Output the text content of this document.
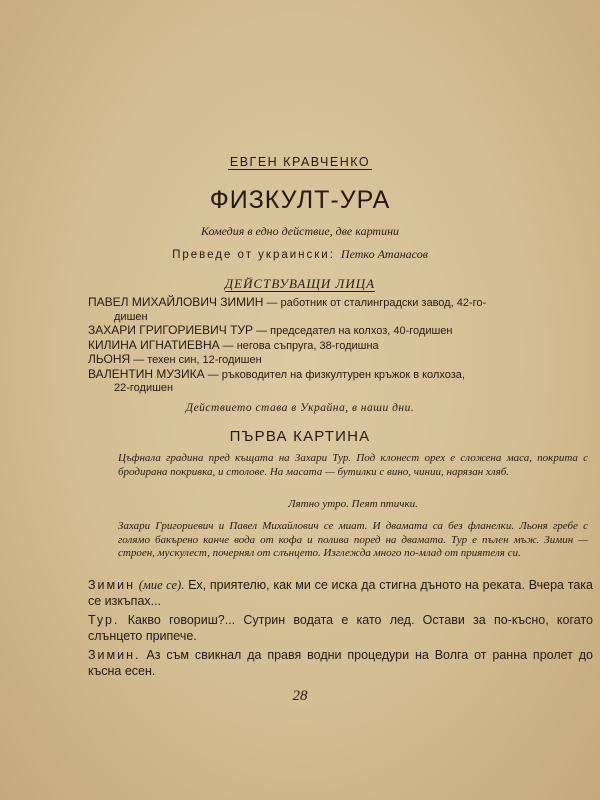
ЕВГЕН КРАВЧЕНКО
ФИЗКУЛТ-УРА
Комедия в едно действие, две картини
Преведе от украински: Петко Атанасов
ДЕЙСТВУВАЩИ ЛИЦА
ПАВЕЛ МИХАЙЛОВИЧ ЗИМИН — работник от сталинградски завод, 42-го-
дишен
ЗАХАРИ ГРИГОРИЕВИЧ ТУР — председател на колхоз, 40-годишен
КИЛИНА ИГНАТИЕВНА — негова съпруга, 38-годишна
ЛЬОНЯ — техен син, 12-годишен
ВАЛЕНТИН МУЗИКА — ръководител на физкултурен кръжок в колхоза,
22-годишен
Действието става в Украйна, в наши дни.
ПЪРВА КАРТИНА
Цъфнала градина пред къщата на Захари Тур. Под клонест орех е сложена маса, покрита с бродирана покривка, и столове. На масата — бутилки с вино, чинии, нарязан хляб.
Лятно утро. Пеят птички.
Захари Григориевич и Павел Михайлович се миат. И двамата са без фланелки. Льоня гребе с голямо бакърено канче вода от кофа и полива поред на двамата. Тур е пълен мъж. Зимин — строен, мускулест, почернял от слънцето. Изглежда много по-млад от приятеля си.
Зимин (мие се). Ех, приятелю, как ми се иска да стигна дъното на реката. Вчера така се изкъпах...
Тур. Какво говориш?... Сутрин водата е като лед. Остави за по-късно, когато слънцето припече.
Зимин. Аз съм свикнал да правя водни процедури на Волга от ранна пролет до късна есен.
28
